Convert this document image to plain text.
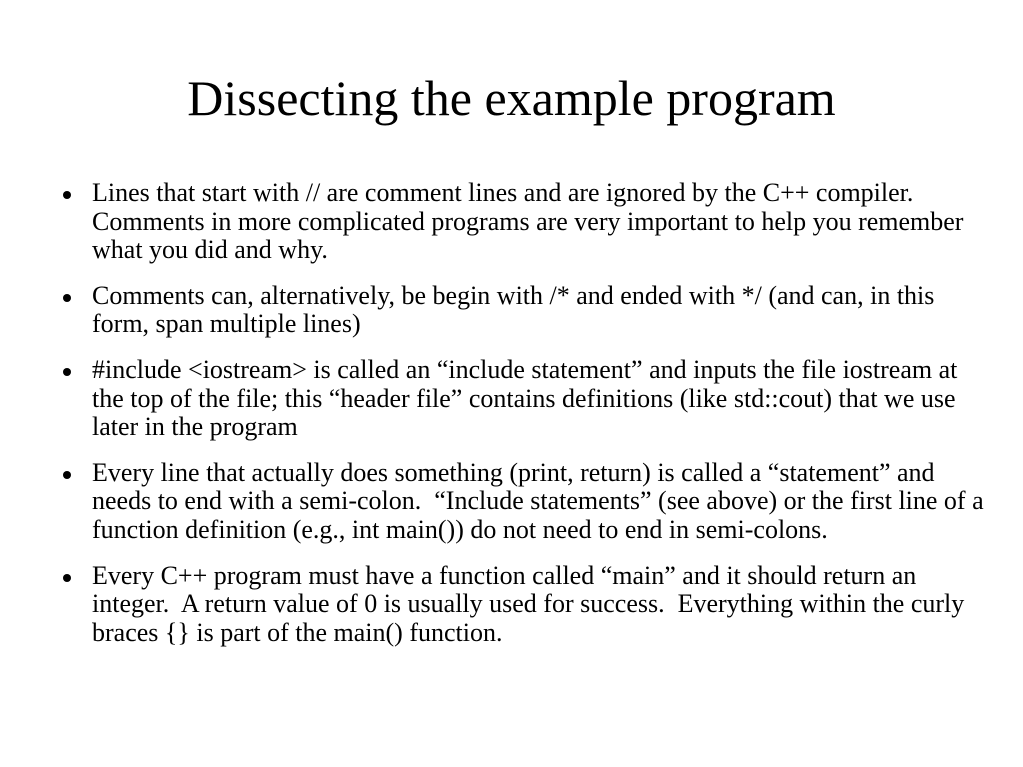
Dissecting the example program
Lines that start with // are comment lines and are ignored by the C++ compiler.  Comments in more complicated programs are very important to help you remember what you did and why.
Comments can, alternatively, be begin with /* and ended with */ (and can, in this form, span multiple lines)
#include <iostream> is called an “include statement” and inputs the file iostream at the top of the file; this “header file” contains definitions (like std::cout) that we use later in the program
Every line that actually does something (print, return) is called a “statement” and needs to end with a semi-colon.  “Include statements” (see above) or the first line of a function definition (e.g., int main()) do not need to end in semi-colons.
Every C++ program must have a function called “main” and it should return an integer.  A return value of 0 is usually used for success.  Everything within the curly braces {} is part of the main() function.
